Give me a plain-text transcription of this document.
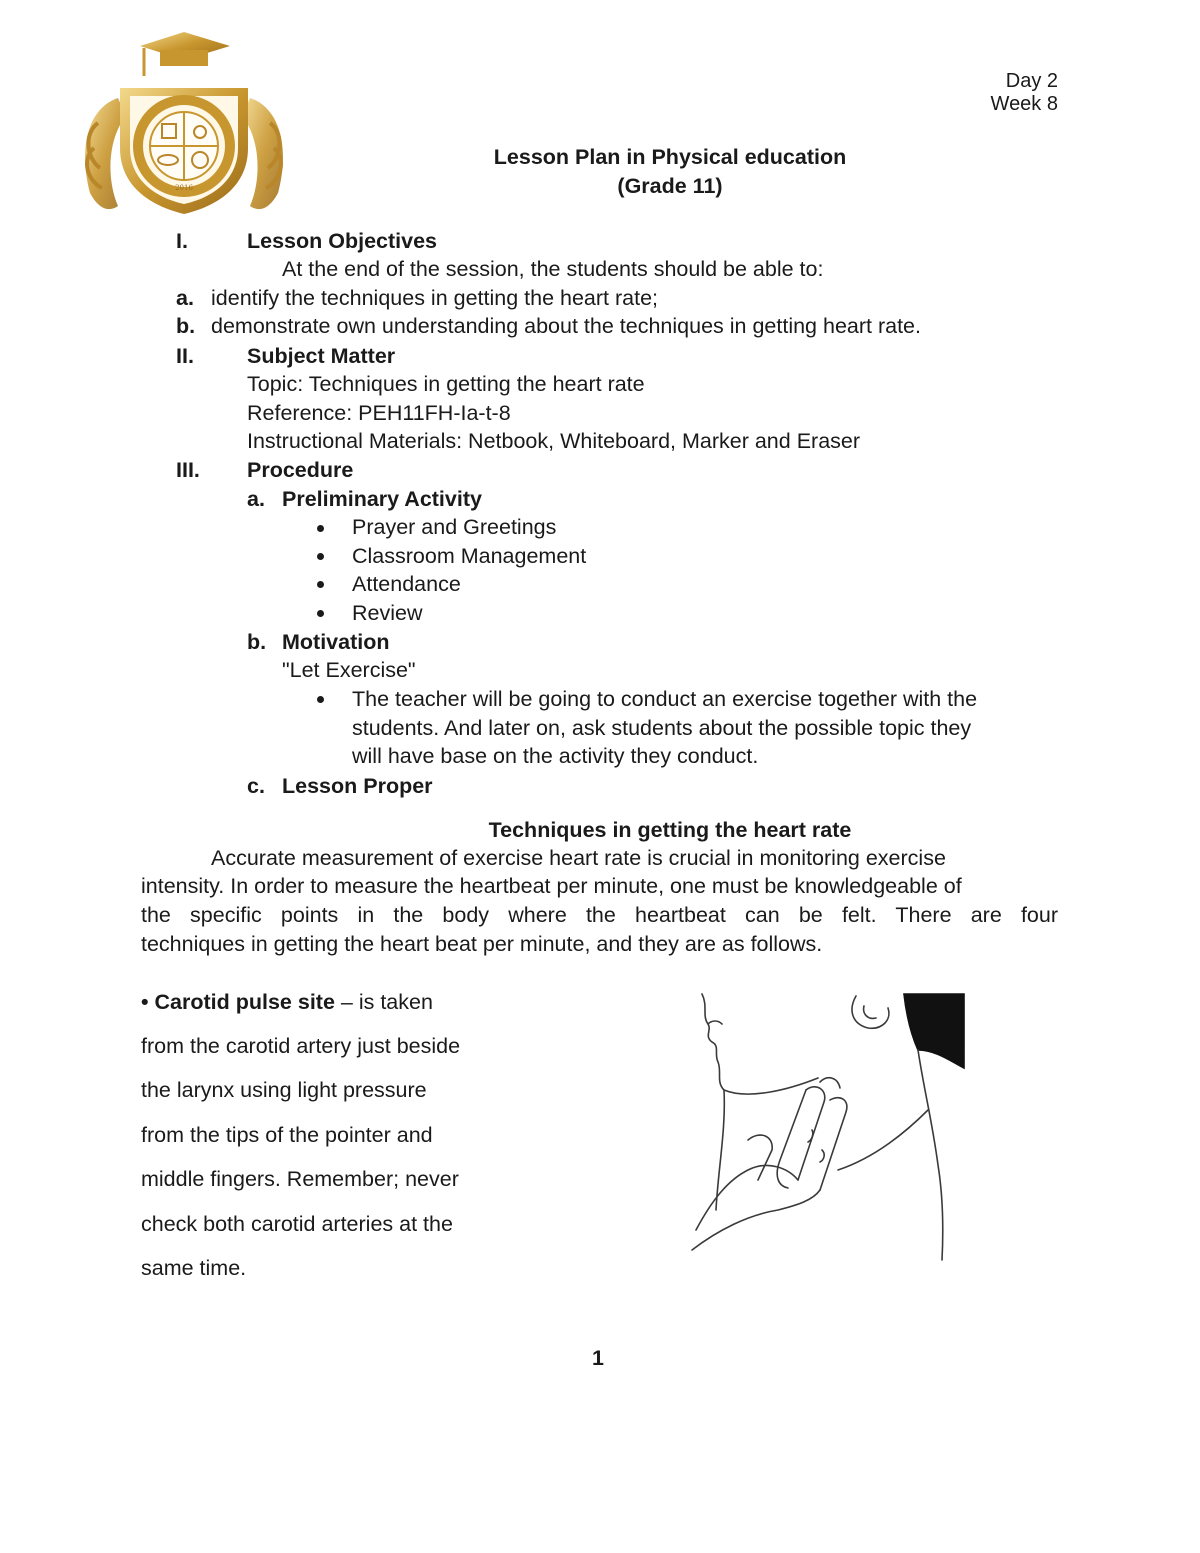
2016
Day 2
Week 8
Lesson Plan in Physical education
(Grade 11)
I.	Lesson Objectives
At the end of the session, the students should be able to:
a. identify the techniques in getting the heart rate;
b. demonstrate own understanding about the techniques in getting heart rate.
II. Subject Matter
Topic: Techniques in getting the heart rate
Reference: PEH11FH-Ia-t-8
Instructional Materials: Netbook, Whiteboard, Marker and Eraser
III. Procedure
a. Preliminary Activity
Prayer and Greetings
Classroom Management
Attendance
Review
b. Motivation
"Let Exercise"
The teacher will be going to conduct an exercise together with the
students. And later on, ask students about the possible topic they
will have base on the activity they conduct.
c. Lesson Proper
Techniques in getting the heart rate
Accurate measurement of exercise heart rate is crucial in monitoring exercise
intensity. In order to measure the heartbeat per minute, one must be knowledgeable of
the specific points in the body where the heartbeat can be felt. There are four
techniques in getting the heart beat per minute, and they are as follows.
• Carotid pulse site – is taken
from the carotid artery just beside
the larynx using light pressure
from the tips of the pointer and
middle fingers. Remember; never
check both carotid arteries at the
same time.
1
